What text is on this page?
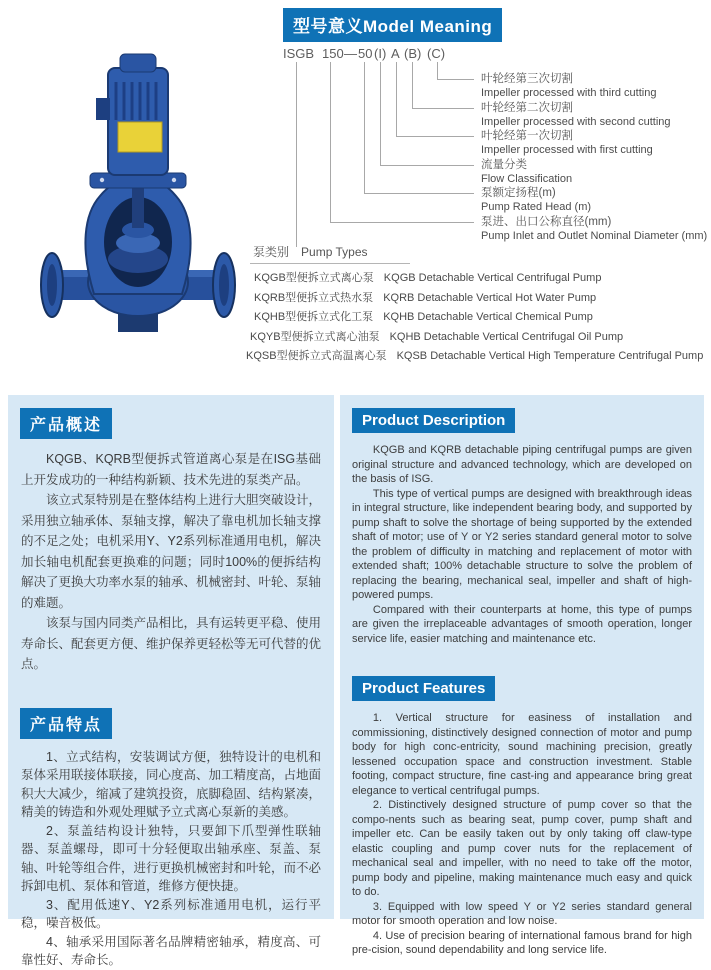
型号意义Model Meaning
ISGB 150 — 50 (I) A (B) (C)
叶轮经第三次切割
Impeller processed with third cutting
叶轮经第二次切割
Impeller processed with second cutting
叶轮经第一次切割
Impeller processed with first cutting
流量分类
Flow Classification
泵额定扬程(m)
Pump Rated Head (m)
泵进、出口公称直径(mm)
Pump Inlet and Outlet Nominal Diameter (mm)
泵类别 Pump Types
KQGB型便拆立式离心泵 KQGB Detachable Vertical Centrifugal Pump
KQRB型便拆立式热水泵 KQRB Detachable Vertical Hot Water Pump
KQHB型便拆立式化工泵 KQHB Detachable Vertical Chemical Pump
KQYB型便拆立式离心油泵 KQHB Detachable Vertical Centrifugal Oil Pump
KQSB型便拆立式高温离心泵 KQSB Detachable Vertical High Temperature Centrifugal Pump
产品概述

KQGB、KQRB型便拆式管道离心泵是在ISG基础上开发成功的一种结构新颖、技术先进的泵类产品。

该立式泵特别是在整体结构上进行大胆突破设计，采用独立轴承体、泵轴支撑，解决了靠电机加长轴支撑的不足之处；电机采用Y、Y2系列标准通用电机，解决加长轴电机配套更换难的问题；同时100%的便拆结构解决了更换大功率水泵的轴承、机械密封、叶轮、泵轴的难题。

该泵与国内同类产品相比，具有运转更平稳、使用寿命长、配套更方便、维护保养更轻松等无可代替的优点。

产品特点

1、立式结构，安装调试方便，独特设计的电机和泵体采用联接体联接，同心度高、加工精度高，占地面积大大减少，缩减了建筑投资，底脚稳固、结构紧凑，精美的铸造和外观处理赋予立式离心泵新的美感。

2、泵盖结构设计独特，只要卸下爪型弹性联轴器、泵盖螺母，即可十分轻便取出轴承座、泵盖、泵轴、叶轮等组合件，进行更换机械密封和叶轮，而不必拆卸电机、泵体和管道，维修方便快捷。

3、配用低速Y、Y2系列标准通用电机，运行平稳，噪音极低。

4、轴承采用国际著名品牌精密轴承，精度高、可靠性好、寿命长。

Product Description

KQGB and KQRB detachable piping centrifugal pumps are given original structure and advanced technology, which are developed on the basis of ISG.

This type of vertical pumps are designed with breakthrough ideas in integral structure, like independent bearing body, and supported by pump shaft to solve the shortage of being supported by the extended shaft of motor; use of Y or Y2 series standard general motor to solve the problem of difficulty in matching and replacement of motor with extended shaft; 100% detachable structure to solve the problem of replacing the bearing, mechanical seal, impeller and shaft of high-powered pumps.

Compared with their counterparts at home, this type of pumps are given the irreplaceable advantages of smooth operation, longer service life, easier matching and maintenance etc.

Product Features

1. Vertical structure for easiness of installation and commissioning, distinctively designed connection of motor and pump body for high conc-entricity, sound machining precision, greatly lessened occupation space and construction investment. Stable footing, compact structure, fine cast-ing and appearance bring great elegance to vertical centrifugal pumps.

2. Distinctively designed structure of pump cover so that the compo-nents such as bearing seat, pump cover, pump shaft and impeller etc. Can be easily taken out by only taking off claw-type elastic coupling and pump cover nuts for the replacement of mechanical seal and impeller, with no need to take off the motor, pump body and pipeline, making maintenance much easy and quick to do.

3. Equipped with low speed Y or Y2 series standard general motor for smooth operation and low noise.

4. Use of precision bearing of international famous brand for high pre-cision, sound dependability and long service life.
